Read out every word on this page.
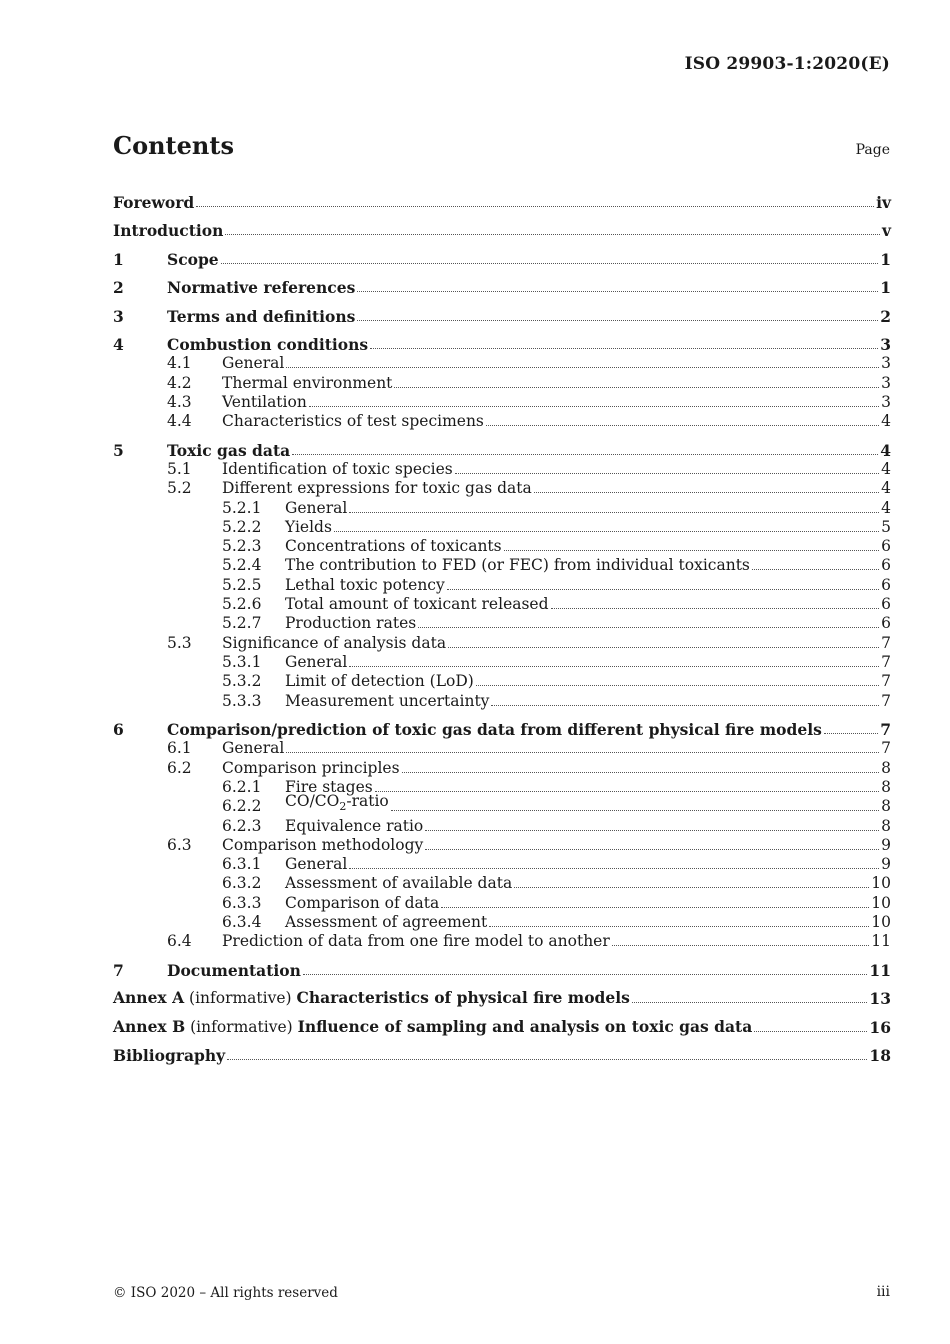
ISO 29903-1:2020(E)
Contents	Page
Foreword	iv
Introduction	v
1	Scope	1
2	Normative references	1
3	Terms and definitions	2
4	Combustion conditions	3
4.1	General	3
4.2	Thermal environment	3
4.3	Ventilation	3
4.4	Characteristics of test specimens	4
5	Toxic gas data	4
5.1	Identification of toxic species	4
5.2	Different expressions for toxic gas data	4
5.2.1	General	4
5.2.2	Yields	5
5.2.3	Concentrations of toxicants	6
5.2.4	The contribution to FED (or FEC) from individual toxicants	6
5.2.5	Lethal toxic potency	6
5.2.6	Total amount of toxicant released	6
5.2.7	Production rates	6
5.3	Significance of analysis data	7
5.3.1	General	7
5.3.2	Limit of detection (LoD)	7
5.3.3	Measurement uncertainty	7
6	Comparison/prediction of toxic gas data from different physical fire models	7
6.1	General	7
6.2	Comparison principles	8
6.2.1	Fire stages	8
6.2.2	$CO/CO_2$-ratio	8
6.2.3	Equivalence ratio	8
6.3	Comparison methodology	9
6.3.1	General	9
6.3.2	Assessment of available data	10
6.3.3	Comparison of data	10
6.3.4	Assessment of agreement	10
6.4	Prediction of data from one fire model to another	11
7	Documentation	11
Annex A (informative) Characteristics of physical fire models	13
Annex B (informative) Influence of sampling and analysis on toxic gas data	16
Bibliography	18
© ISO 2020 – All rights reserved	iii
